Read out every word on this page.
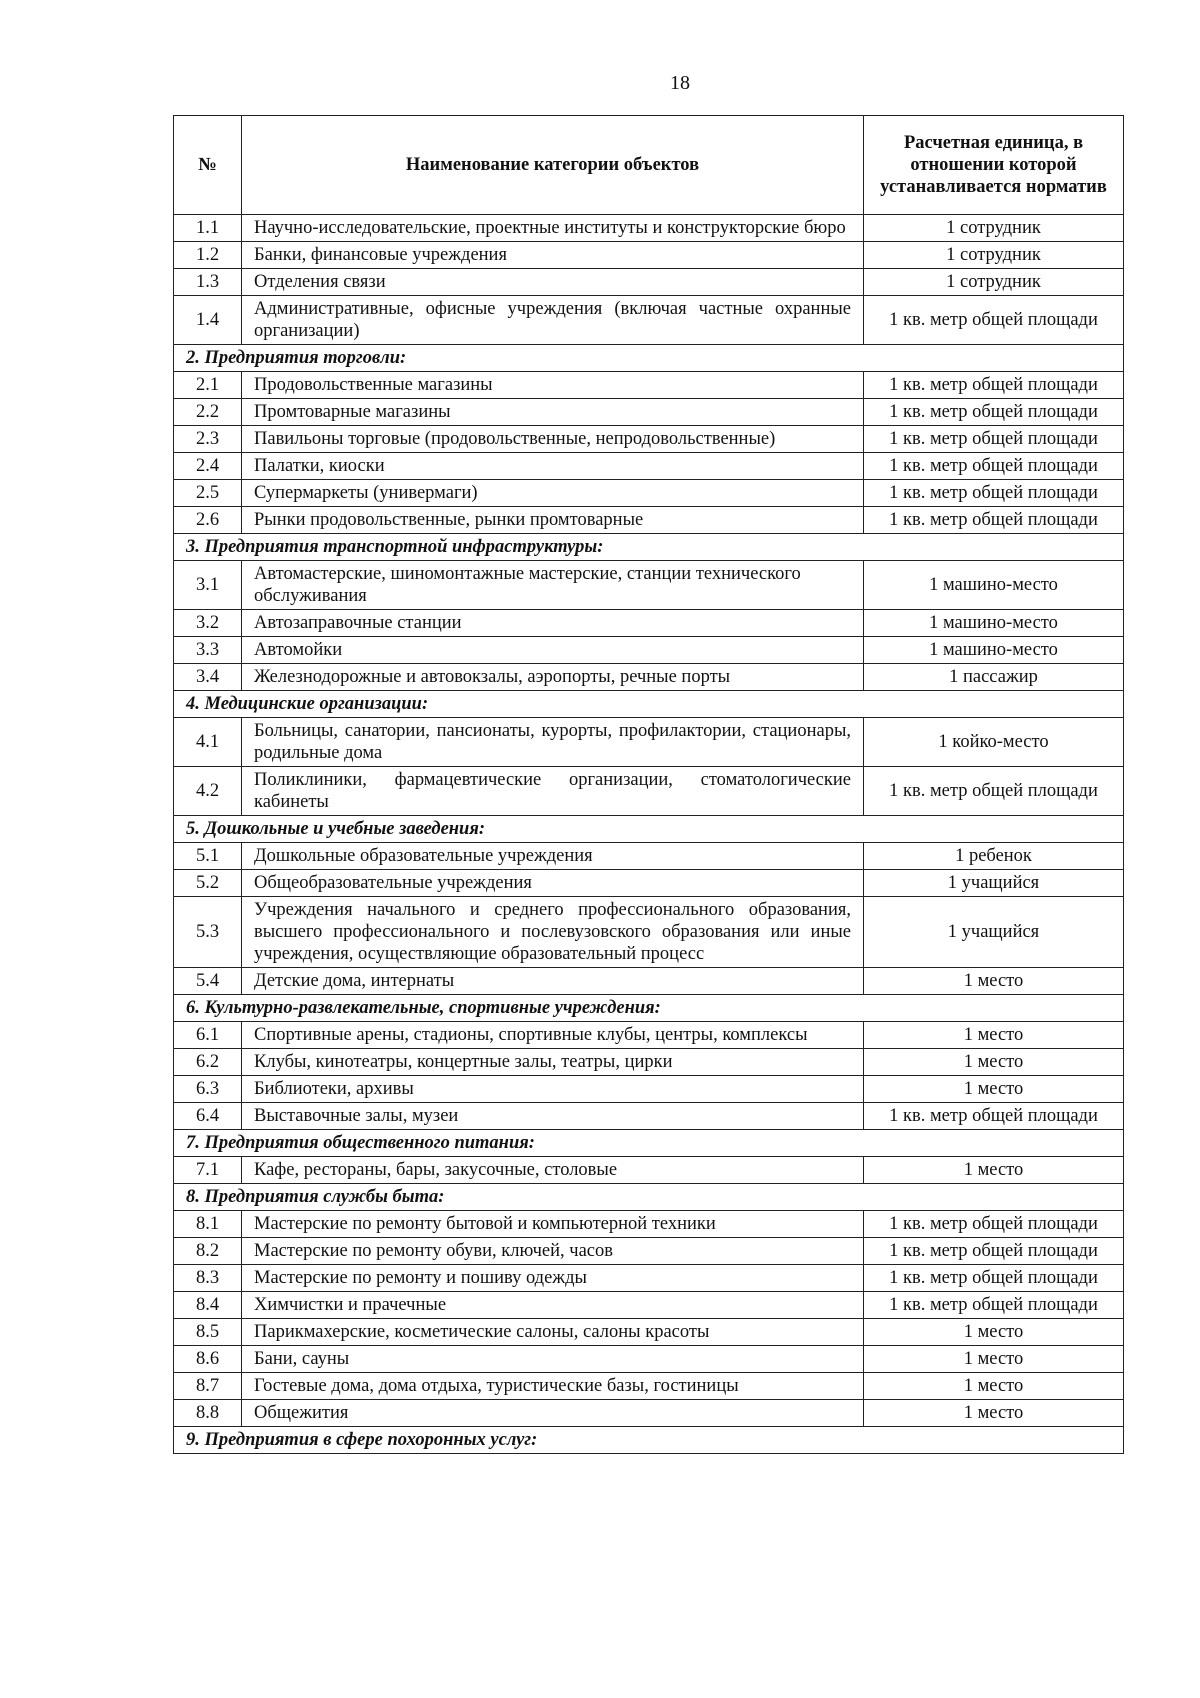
18
№	Наименование категории объектов	Расчетная единица, в отношении которой устанавливается норматив
1.1	Научно-исследовательские, проектные институты и конструкторские бюро	1 сотрудник
1.2	Банки, финансовые учреждения	1 сотрудник
1.3	Отделения связи	1 сотрудник
1.4	Административные, офисные учреждения (включая частные охранные организации)	1 кв. метр общей площади
2. Предприятия торговли:		
2.1	Продовольственные магазины	1 кв. метр общей площади
2.2	Промтоварные магазины	1 кв. метр общей площади
2.3	Павильоны торговые (продовольственные, непродовольственные)	1 кв. метр общей площади
2.4	Палатки, киоски	1 кв. метр общей площади
2.5	Супермаркеты (универмаги)	1 кв. метр общей площади
2.6	Рынки продовольственные, рынки промтоварные	1 кв. метр общей площади
3. Предприятия транспортной инфраструктуры:		
3.1	Автомастерские, шиномонтажные мастерские, станции технического обслуживания	1 машино-место
3.2	Автозаправочные станции	1 машино-место
3.3	Автомойки	1 машино-место
3.4	Железнодорожные и автовокзалы, аэропорты, речные порты	1 пассажир
4. Медицинские организации:		
4.1	Больницы, санатории, пансионаты, курорты, профилактории, стационары, родильные дома	1 койко-место
4.2	Поликлиники, фармацевтические организации, стоматологические кабинеты	1 кв. метр общей площади
5. Дошкольные и учебные заведения:		
5.1	Дошкольные образовательные учреждения	1 ребенок
5.2	Общеобразовательные учреждения	1 учащийся
5.3	Учреждения начального и среднего профессионального образования, высшего профессионального и послевузовского образования или иные учреждения, осуществляющие образовательный процесс	1 учащийся
5.4	Детские дома, интернаты	1 место
6. Культурно-развлекательные, спортивные учреждения:		
6.1	Спортивные арены, стадионы, спортивные клубы, центры, комплексы	1 место
6.2	Клубы, кинотеатры, концертные залы, театры, цирки	1 место
6.3	Библиотеки, архивы	1 место
6.4	Выставочные залы, музеи	1 кв. метр общей площади
7. Предприятия общественного питания:		
7.1	Кафе, рестораны, бары, закусочные, столовые	1 место
8. Предприятия службы быта:		
8.1	Мастерские по ремонту бытовой и компьютерной техники	1 кв. метр общей площади
8.2	Мастерские по ремонту обуви, ключей, часов	1 кв. метр общей площади
8.3	Мастерские по ремонту и пошиву одежды	1 кв. метр общей площади
8.4	Химчистки и прачечные	1 кв. метр общей площади
8.5	Парикмахерские, косметические салоны, салоны красоты	1 место
8.6	Бани, сауны	1 место
8.7	Гостевые дома, дома отдыха, туристические базы, гостиницы	1 место
8.8	Общежития	1 место
9. Предприятия в сфере похоронных услуг:		
